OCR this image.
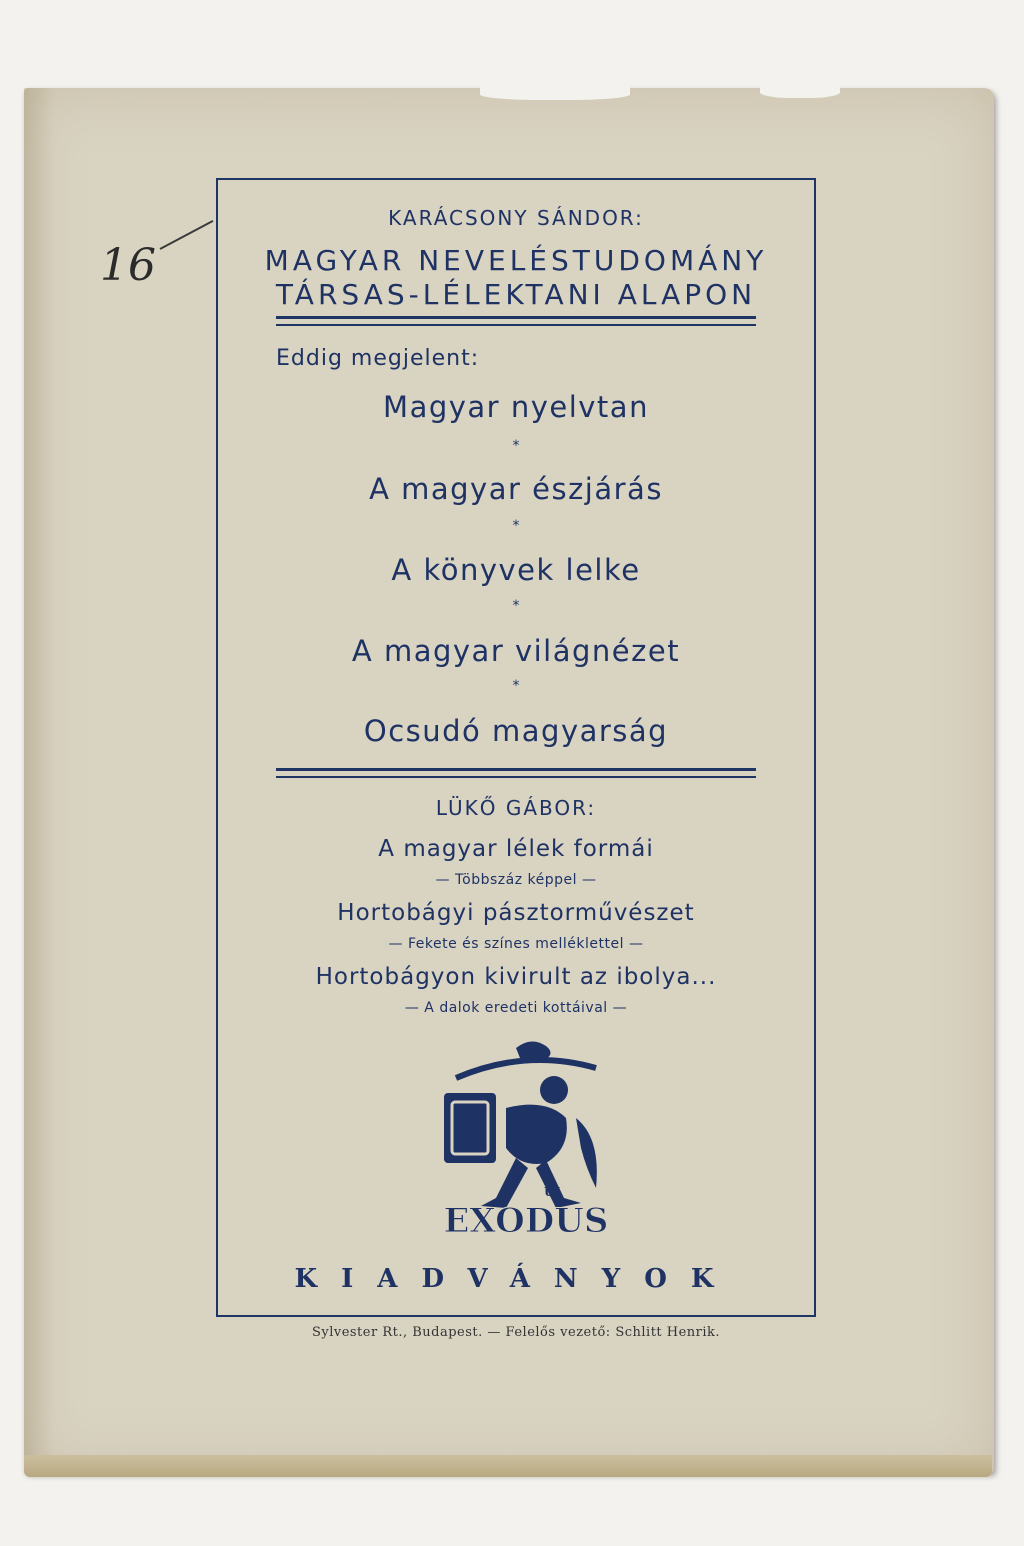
16
KARÁCSONY SÁNDOR:
MAGYAR NEVELÉSTUDOMÁNY
TÁRSAS-LÉLEKTANI ALAPON
Eddig megjelent:
Magyar nyelvtan
*
A magyar észjárás
*
A könyvek lelke
*
A magyar világnézet
*
Ocsudó magyarság
LÜKŐ GÁBOR:
A magyar lélek formái
— Többszáz képpel —
Hortobágyi pásztorművészet
— Fekete és színes melléklettel —
Hortobágyon kivirult az ibolya...
— A dalok eredeti kottáival —
ÚJ
EXODUS
KIADVÁNYOK
Sylvester Rt., Budapest. — Felelős vezető: Schlitt Henrik.
